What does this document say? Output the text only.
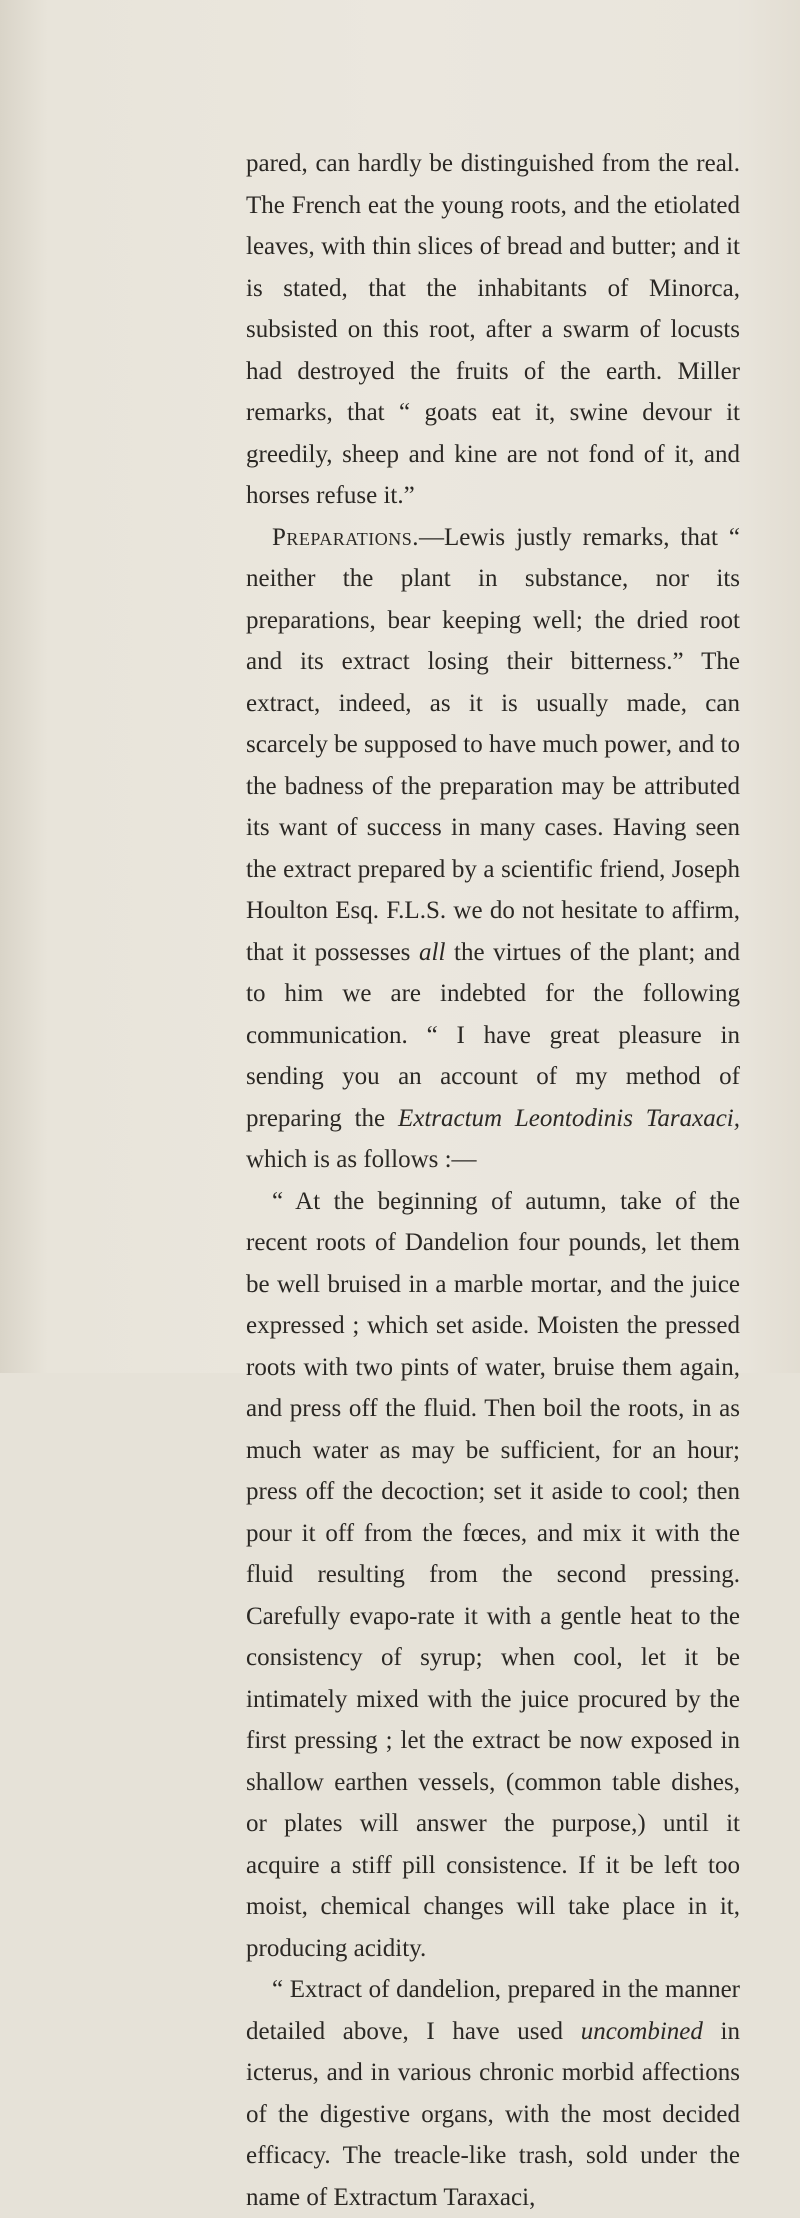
pared, can hardly be distinguished from the real. The French eat the young roots, and the etiolated leaves, with thin slices of bread and butter; and it is stated, that the inhabitants of Minorca, subsisted on this root, after a swarm of locusts had destroyed the fruits of the earth. Miller remarks, that “ goats eat it, swine devour it greedily, sheep and kine are not fond of it, and horses refuse it.”

Preparations.—Lewis justly remarks, that “ neither the plant in substance, nor its preparations, bear keeping well; the dried root and its extract losing their bitterness.” The extract, indeed, as it is usually made, can scarcely be supposed to have much power, and to the badness of the preparation may be attributed its want of success in many cases. Having seen the extract prepared by a scientific friend, Joseph Houlton Esq. F.L.S. we do not hesitate to affirm, that it possesses all the virtues of the plant; and to him we are indebted for the following communication. “ I have great pleasure in sending you an account of my method of preparing the Extractum Leontodinis Taraxaci, which is as follows :—

“ At the beginning of autumn, take of the recent roots of Dandelion four pounds, let them be well bruised in a marble mortar, and the juice expressed ; which set aside. Moisten the pressed roots with two pints of water, bruise them again, and press off the fluid. Then boil the roots, in as much water as may be sufficient, for an hour; press off the decoction; set it aside to cool; then pour it off from the fœces, and mix it with the fluid resulting from the second pressing. Carefully evapo-rate it with a gentle heat to the consistency of syrup; when cool, let it be intimately mixed with the juice procured by the first pressing ; let the extract be now exposed in shallow earthen vessels, (common table dishes, or plates will answer the purpose,) until it acquire a stiff pill consistence. If it be left too moist, chemical changes will take place in it, producing acidity.

“ Extract of dandelion, prepared in the manner detailed above, I have used uncombined in icterus, and in various chronic morbid affections of the digestive organs, with the most decided efficacy. The treacle-like trash, sold under the name of Extractum Taraxaci,
